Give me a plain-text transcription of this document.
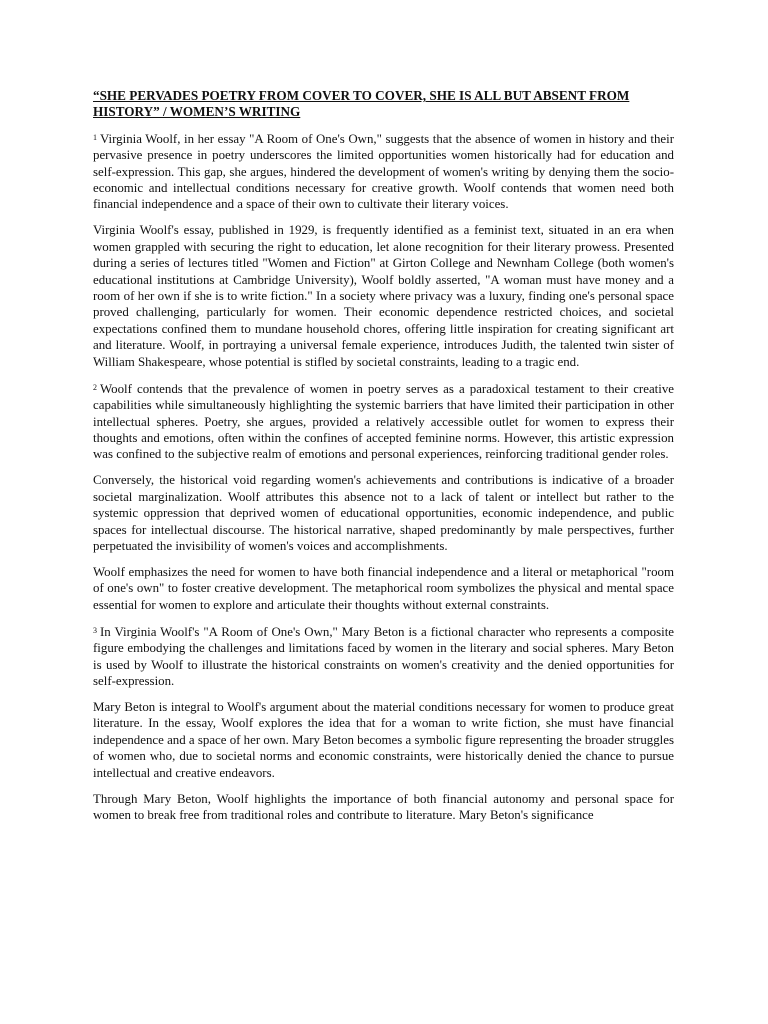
“SHE PERVADES POETRY FROM COVER TO COVER, SHE IS ALL BUT ABSENT FROM HISTORY” / WOMEN’S WRITING

$^1$ Virginia Woolf, in her essay "A Room of One's Own," suggests that the absence of women in history and their pervasive presence in poetry underscores the limited opportunities women historically had for education and self-expression. This gap, she argues, hindered the development of women's writing by denying them the socio-economic and intellectual conditions necessary for creative growth. Woolf contends that women need both financial independence and a space of their own to cultivate their literary voices.

Virginia Woolf's essay, published in 1929, is frequently identified as a feminist text, situated in an era when women grappled with securing the right to education, let alone recognition for their literary prowess. Presented during a series of lectures titled "Women and Fiction" at Girton College and Newnham College (both women's educational institutions at Cambridge University), Woolf boldly asserted, "A woman must have money and a room of her own if she is to write fiction." In a society where privacy was a luxury, finding one's personal space proved challenging, particularly for women. Their economic dependence restricted choices, and societal expectations confined them to mundane household chores, offering little inspiration for creating significant art and literature. Woolf, in portraying a universal female experience, introduces Judith, the talented twin sister of William Shakespeare, whose potential is stifled by societal constraints, leading to a tragic end.

$^2$ Woolf contends that the prevalence of women in poetry serves as a paradoxical testament to their creative capabilities while simultaneously highlighting the systemic barriers that have limited their participation in other intellectual spheres. Poetry, she argues, provided a relatively accessible outlet for women to express their thoughts and emotions, often within the confines of accepted feminine norms. However, this artistic expression was confined to the subjective realm of emotions and personal experiences, reinforcing traditional gender roles.

Conversely, the historical void regarding women's achievements and contributions is indicative of a broader societal marginalization. Woolf attributes this absence not to a lack of talent or intellect but rather to the systemic oppression that deprived women of educational opportunities, economic independence, and public spaces for intellectual discourse. The historical narrative, shaped predominantly by male perspectives, further perpetuated the invisibility of women's voices and accomplishments.

Woolf emphasizes the need for women to have both financial independence and a literal or metaphorical "room of one's own" to foster creative development. The metaphorical room symbolizes the physical and mental space essential for women to explore and articulate their thoughts without external constraints.

$^3$ In Virginia Woolf's "A Room of One's Own," Mary Beton is a fictional character who represents a composite figure embodying the challenges and limitations faced by women in the literary and social spheres. Mary Beton is used by Woolf to illustrate the historical constraints on women's creativity and the denied opportunities for self-expression.

Mary Beton is integral to Woolf's argument about the material conditions necessary for women to produce great literature. In the essay, Woolf explores the idea that for a woman to write fiction, she must have financial independence and a space of her own. Mary Beton becomes a symbolic figure representing the broader struggles of women who, due to societal norms and economic constraints, were historically denied the chance to pursue intellectual and creative endeavors.

Through Mary Beton, Woolf highlights the importance of both financial autonomy and personal space for women to break free from traditional roles and contribute to literature. Mary Beton's significance
